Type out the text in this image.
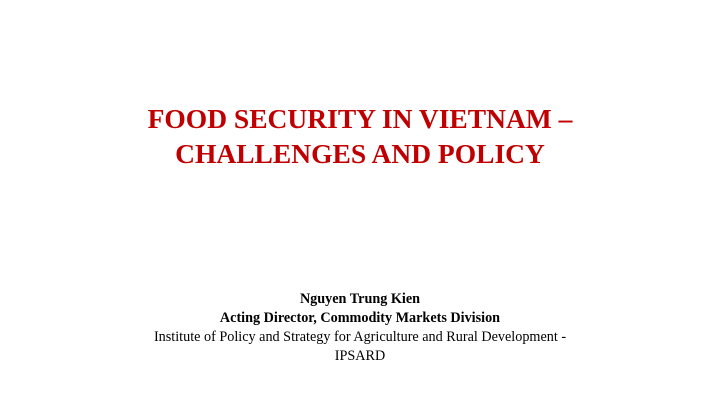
FOOD SECURITY IN VIETNAM –
CHALLENGES AND POLICY
Nguyen Trung Kien
Acting Director, Commodity Markets Division
Institute of Policy and Strategy for Agriculture and Rural Development -
IPSARD
